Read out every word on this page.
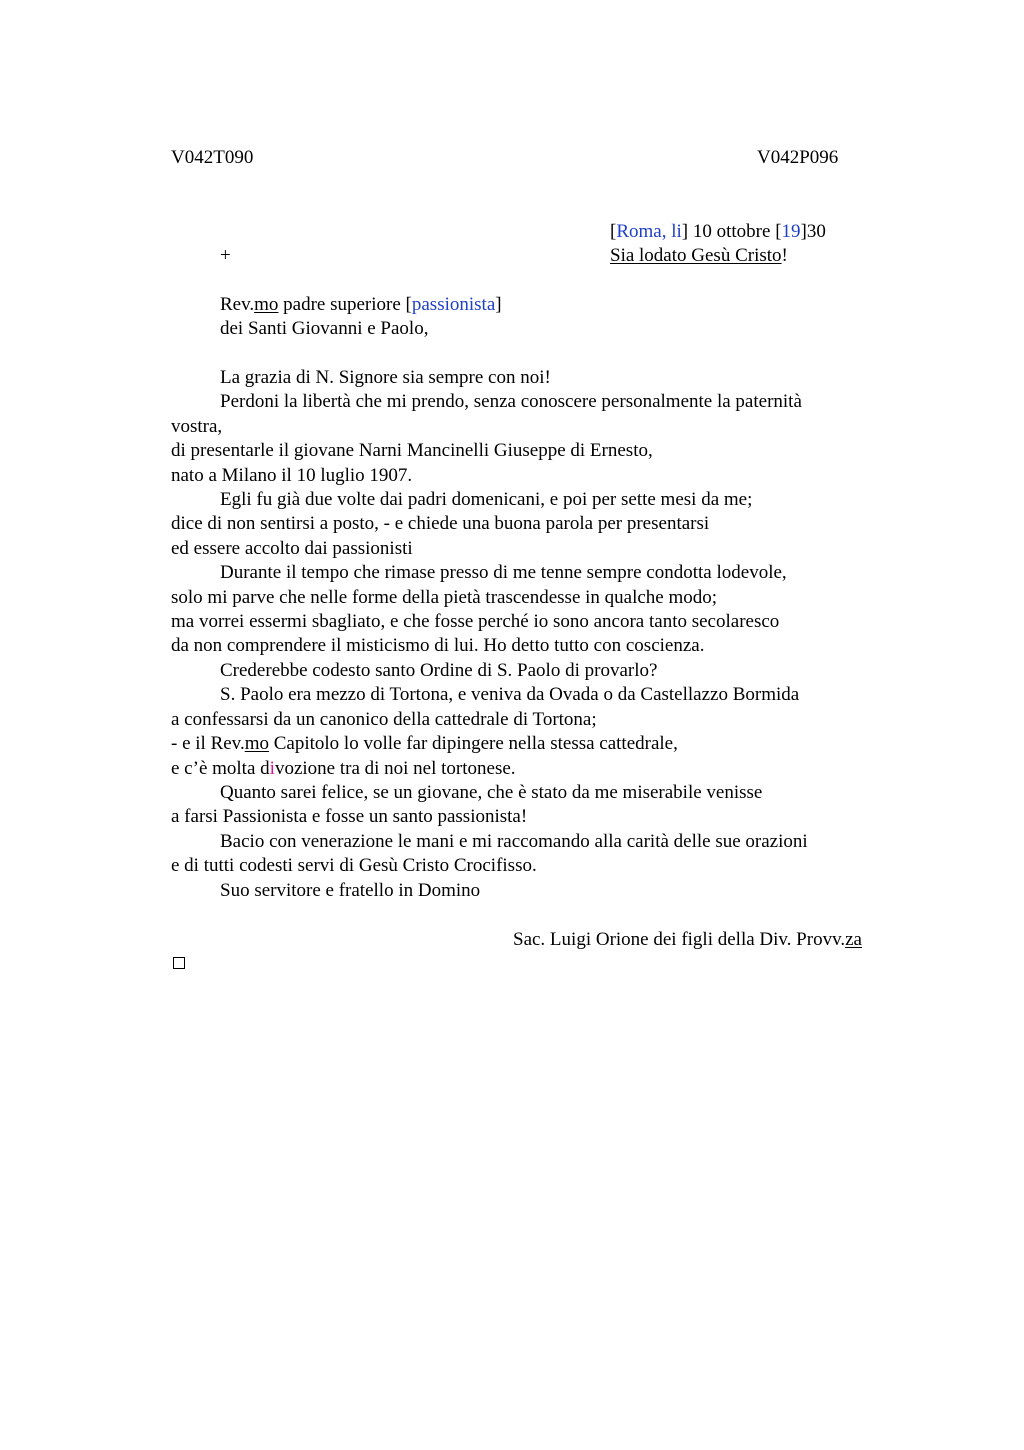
V042T090	V042P096
[Roma, li] 10 ottobre [19]30
+	Sia lodato Gesù Cristo!
Rev.mo padre superiore [passionista]
dei Santi Giovanni e Paolo,
La grazia di N. Signore sia sempre con noi!
Perdoni la libertà che mi prendo, senza conoscere personalmente la paternità
vostra,
di presentarle il giovane Narni Mancinelli Giuseppe di Ernesto,
nato a Milano il 10 luglio 1907.
Egli fu già due volte dai padri domenicani, e poi per sette mesi da me;
dice di non sentirsi a posto, - e chiede una buona parola per presentarsi
ed essere accolto dai passionisti
Durante il tempo che rimase presso di me tenne sempre condotta lodevole,
solo mi parve che nelle forme della pietà trascendesse in qualche modo;
ma vorrei essermi sbagliato, e che fosse perché io sono ancora tanto secolaresco
da non comprendere il misticismo di lui. Ho detto tutto con coscienza.
Crederebbe codesto santo Ordine di S. Paolo di provarlo?
S. Paolo era mezzo di Tortona, e veniva da Ovada o da Castellazzo Bormida
a confessarsi da un canonico della cattedrale di Tortona;
- e il Rev.mo Capitolo lo volle far dipingere nella stessa cattedrale,
e c’è molta divozione tra di noi nel tortonese.
Quanto sarei felice, se un giovane, che è stato da me miserabile venisse
a farsi Passionista e fosse un santo passionista!
Bacio con venerazione le mani e mi raccomando alla carità delle sue orazioni
e di tutti codesti servi di Gesù Cristo Crocifisso.
Suo servitore e fratello in Domino
Sac. Luigi Orione dei figli della Div. Provv.za
